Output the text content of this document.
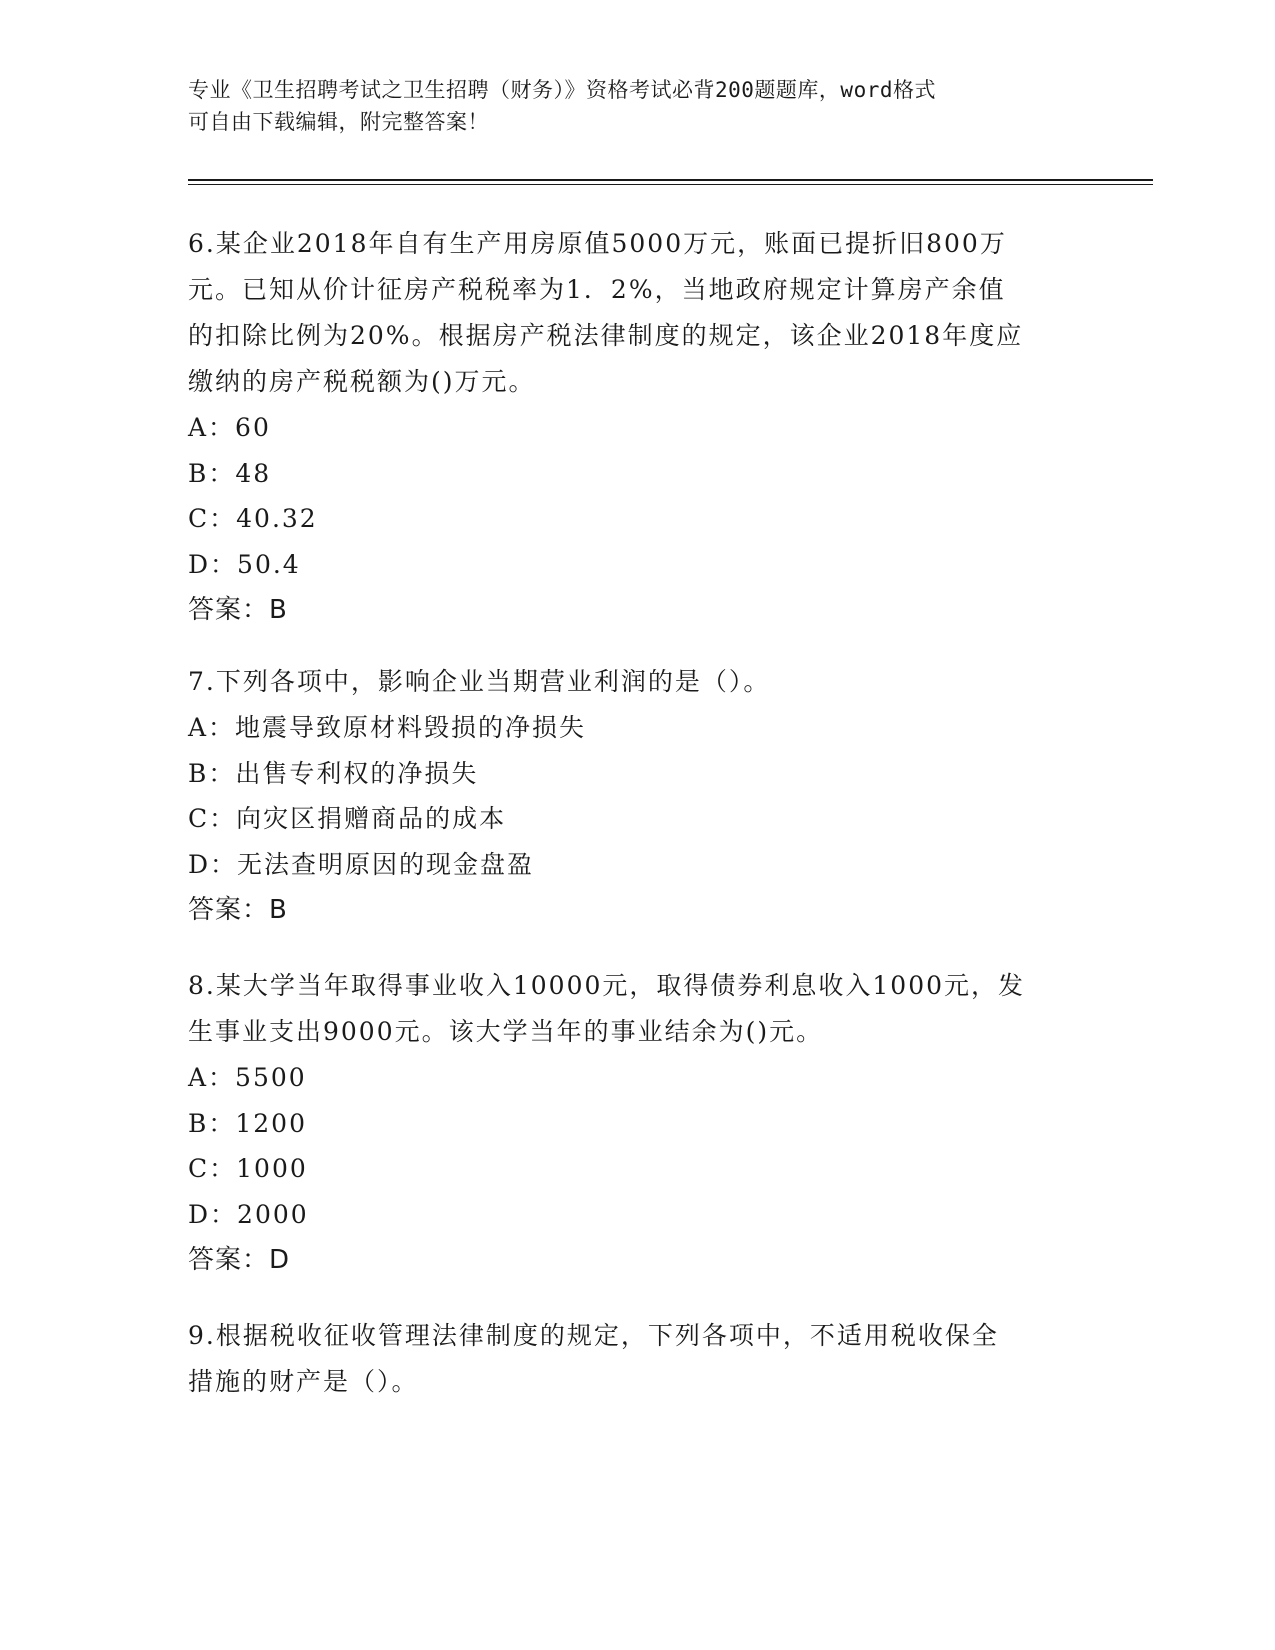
专业《卫生招聘考试之卫生招聘（财务）》资格考试必背200题题库，word格式
可自由下载编辑，附完整答案！
6.某企业2018年自有生产用房原值5000万元，账面已提折旧800万
元。已知从价计征房产税税率为1．2%，当地政府规定计算房产余值
的扣除比例为20%。根据房产税法律制度的规定，该企业2018年度应
缴纳的房产税税额为()万元。
A：60
B：48
C：40.32
D：50.4
答案：B
7.下列各项中，影响企业当期营业利润的是（）。
A：地震导致原材料毁损的净损失
B：出售专利权的净损失
C：向灾区捐赠商品的成本
D：无法查明原因的现金盘盈
答案：B
8.某大学当年取得事业收入10000元，取得债券利息收入1000元，发
生事业支出9000元。该大学当年的事业结余为()元。
A：5500
B：1200
C：1000
D：2000
答案：D
9.根据税收征收管理法律制度的规定，下列各项中，不适用税收保全
措施的财产是（）。
